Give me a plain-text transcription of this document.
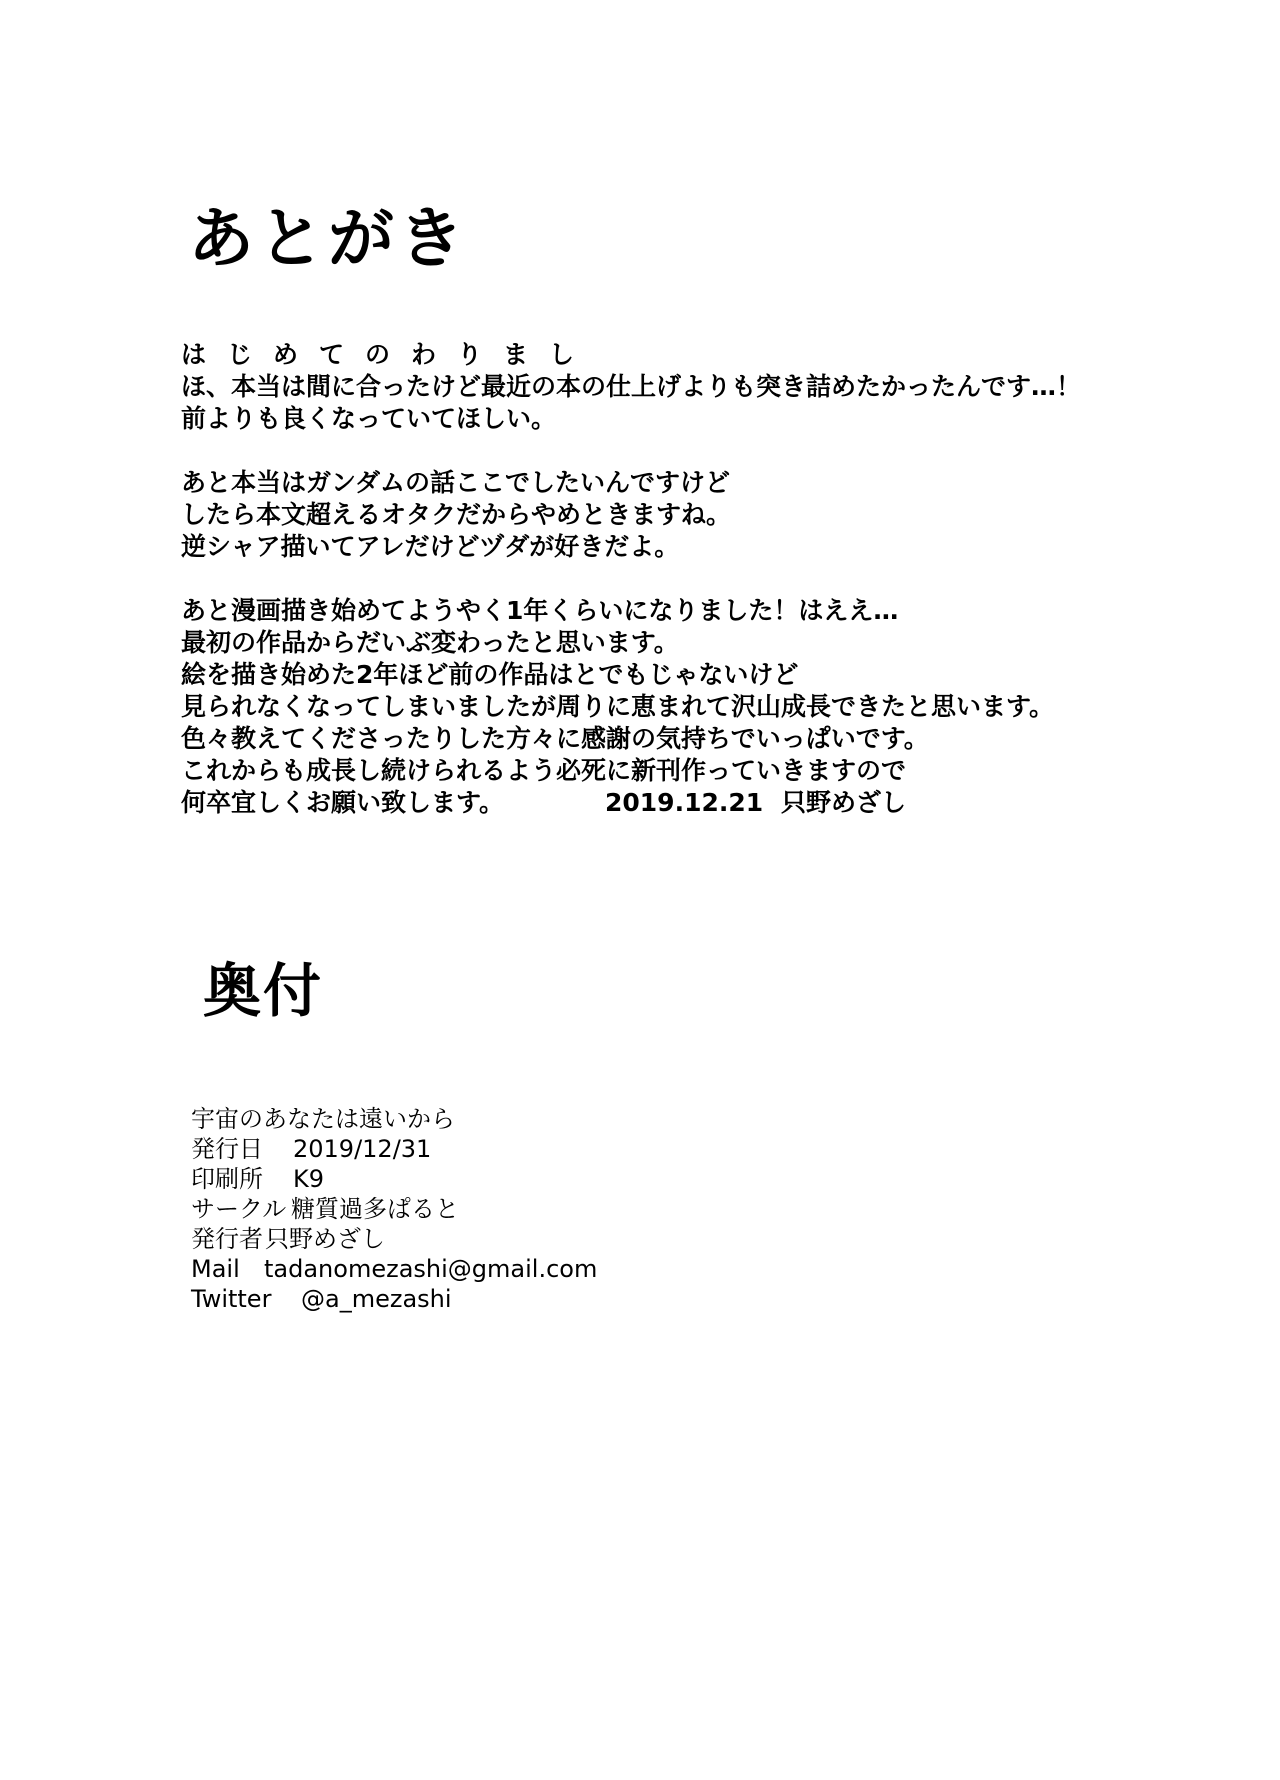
あとがき
はじめてのわりまし
ほ、本当は間に合ったけど最近の本の仕上げよりも突き詰めたかったんです…！
前よりも良くなっていてほしい。
あと本当はガンダムの話ここでしたいんですけど
したら本文超えるオタクだからやめときますね。
逆シャア描いてアレだけどヅダが好きだよ。
あと漫画描き始めてようやく1年くらいになりました！はええ…
最初の作品からだいぶ変わったと思います。
絵を描き始めた2年ほど前の作品はとでもじゃないけど
見られなくなってしまいましたが周りに恵まれて沢山成長できたと思います。
色々教えてくださったりした方々に感謝の気持ちでいっぱいです。
これからも成長し続けられるよう必死に新刊作っていきますので
何卒宜しくお願い致します。	2019.12.21 只野めざし
奥付
宇宙のあなたは遠いから
発行日 2019/12/31
印刷所 K9
サークル 糖質過多ぱると
発行者只野めざし
Mail tadanomezashi@gmail.com
Twitter @a_mezashi
